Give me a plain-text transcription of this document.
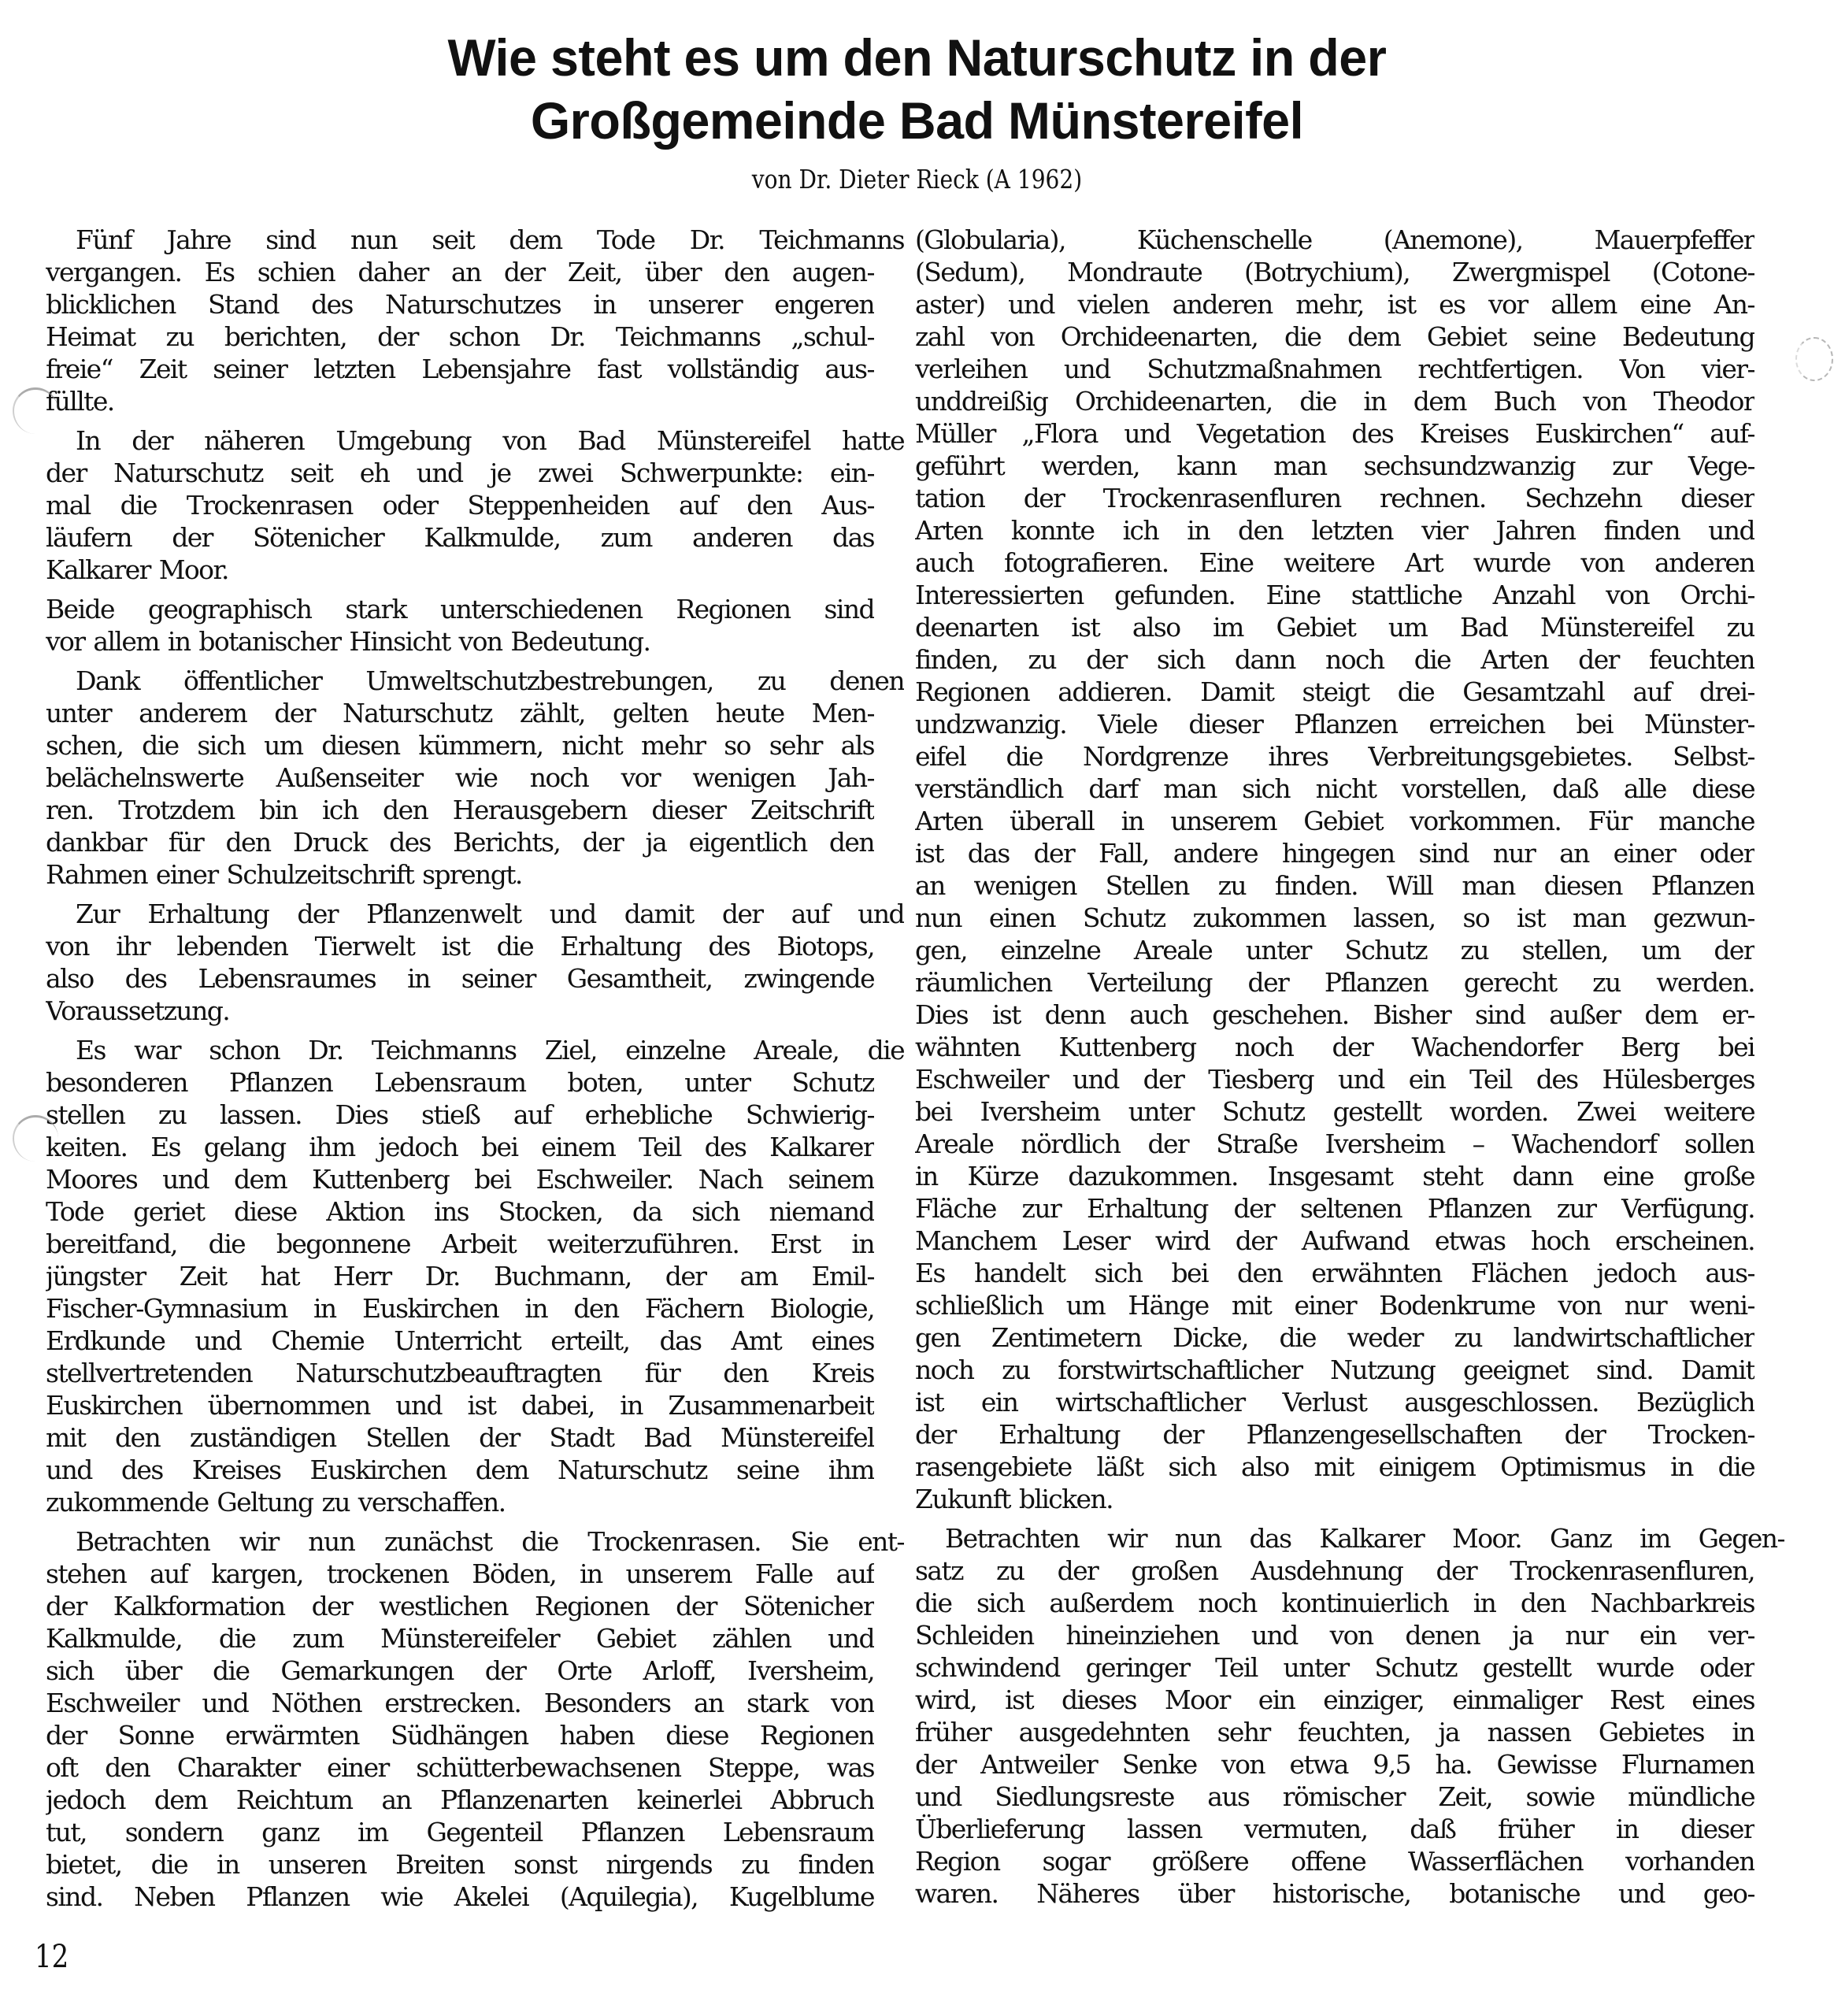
Wie steht es um den Naturschutz in der
Großgemeinde Bad Münstereifel
von Dr. Dieter Rieck (A 1962)
Fünf Jahre sind nun seit dem Tode Dr. Teichmanns
vergangen. Es schien daher an der Zeit, über den augen-
blicklichen Stand des Naturschutzes in unserer engeren
Heimat zu berichten, der schon Dr. Teichmanns „schul-
freie“ Zeit seiner letzten Lebensjahre fast vollständig aus-
füllte.
In der näheren Umgebung von Bad Münstereifel hatte
der Naturschutz seit eh und je zwei Schwerpunkte: ein-
mal die Trockenrasen oder Steppenheiden auf den Aus-
läufern der Sötenicher Kalkmulde, zum anderen das
Kalkarer Moor.
Beide geographisch stark unterschiedenen Regionen sind
vor allem in botanischer Hinsicht von Bedeutung.
Dank öffentlicher Umweltschutzbestrebungen, zu denen
unter anderem der Naturschutz zählt, gelten heute Men-
schen, die sich um diesen kümmern, nicht mehr so sehr als
belächelnswerte Außenseiter wie noch vor wenigen Jah-
ren. Trotzdem bin ich den Herausgebern dieser Zeitschrift
dankbar für den Druck des Berichts, der ja eigentlich den
Rahmen einer Schulzeitschrift sprengt.
Zur Erhaltung der Pflanzenwelt und damit der auf und
von ihr lebenden Tierwelt ist die Erhaltung des Biotops,
also des Lebensraumes in seiner Gesamtheit, zwingende
Voraussetzung.
Es war schon Dr. Teichmanns Ziel, einzelne Areale, die
besonderen Pflanzen Lebensraum boten, unter Schutz
stellen zu lassen. Dies stieß auf erhebliche Schwierig-
keiten. Es gelang ihm jedoch bei einem Teil des Kalkarer
Moores und dem Kuttenberg bei Eschweiler. Nach seinem
Tode geriet diese Aktion ins Stocken, da sich niemand
bereitfand, die begonnene Arbeit weiterzuführen. Erst in
jüngster Zeit hat Herr Dr. Buchmann, der am Emil-
Fischer-Gymnasium in Euskirchen in den Fächern Biologie,
Erdkunde und Chemie Unterricht erteilt, das Amt eines
stellvertretenden Naturschutzbeauftragten für den Kreis
Euskirchen übernommen und ist dabei, in Zusammenarbeit
mit den zuständigen Stellen der Stadt Bad Münstereifel
und des Kreises Euskirchen dem Naturschutz seine ihm
zukommende Geltung zu verschaffen.
Betrachten wir nun zunächst die Trockenrasen. Sie ent-
stehen auf kargen, trockenen Böden, in unserem Falle auf
der Kalkformation der westlichen Regionen der Sötenicher
Kalkmulde, die zum Münstereifeler Gebiet zählen und
sich über die Gemarkungen der Orte Arloff, Iversheim,
Eschweiler und Nöthen erstrecken. Besonders an stark von
der Sonne erwärmten Südhängen haben diese Regionen
oft den Charakter einer schütterbewachsenen Steppe, was
jedoch dem Reichtum an Pflanzenarten keinerlei Abbruch
tut, sondern ganz im Gegenteil Pflanzen Lebensraum
bietet, die in unseren Breiten sonst nirgends zu finden
sind. Neben Pflanzen wie Akelei (Aquilegia), Kugelblume
(Globularia), Küchenschelle (Anemone), Mauerpfeffer
(Sedum), Mondraute (Botrychium), Zwergmispel (Cotone-
aster) und vielen anderen mehr, ist es vor allem eine An-
zahl von Orchideenarten, die dem Gebiet seine Bedeutung
verleihen und Schutzmaßnahmen rechtfertigen. Von vier-
unddreißig Orchideenarten, die in dem Buch von Theodor
Müller „Flora und Vegetation des Kreises Euskirchen“ auf-
geführt werden, kann man sechsundzwanzig zur Vege-
tation der Trockenrasenfluren rechnen. Sechzehn dieser
Arten konnte ich in den letzten vier Jahren finden und
auch fotografieren. Eine weitere Art wurde von anderen
Interessierten gefunden. Eine stattliche Anzahl von Orchi-
deenarten ist also im Gebiet um Bad Münstereifel zu
finden, zu der sich dann noch die Arten der feuchten
Regionen addieren. Damit steigt die Gesamtzahl auf drei-
undzwanzig. Viele dieser Pflanzen erreichen bei Münster-
eifel die Nordgrenze ihres Verbreitungsgebietes. Selbst-
verständlich darf man sich nicht vorstellen, daß alle diese
Arten überall in unserem Gebiet vorkommen. Für manche
ist das der Fall, andere hingegen sind nur an einer oder
an wenigen Stellen zu finden. Will man diesen Pflanzen
nun einen Schutz zukommen lassen, so ist man gezwun-
gen, einzelne Areale unter Schutz zu stellen, um der
räumlichen Verteilung der Pflanzen gerecht zu werden.
Dies ist denn auch geschehen. Bisher sind außer dem er-
wähnten Kuttenberg noch der Wachendorfer Berg bei
Eschweiler und der Tiesberg und ein Teil des Hülesberges
bei Iversheim unter Schutz gestellt worden. Zwei weitere
Areale nördlich der Straße Iversheim – Wachendorf sollen
in Kürze dazukommen. Insgesamt steht dann eine große
Fläche zur Erhaltung der seltenen Pflanzen zur Verfügung.
Manchem Leser wird der Aufwand etwas hoch erscheinen.
Es handelt sich bei den erwähnten Flächen jedoch aus-
schließlich um Hänge mit einer Bodenkrume von nur weni-
gen Zentimetern Dicke, die weder zu landwirtschaftlicher
noch zu forstwirtschaftlicher Nutzung geeignet sind. Damit
ist ein wirtschaftlicher Verlust ausgeschlossen. Bezüglich
der Erhaltung der Pflanzengesellschaften der Trocken-
rasengebiete läßt sich also mit einigem Optimismus in die
Zukunft blicken.
Betrachten wir nun das Kalkarer Moor. Ganz im Gegen-
satz zu der großen Ausdehnung der Trockenrasenfluren,
die sich außerdem noch kontinuierlich in den Nachbarkreis
Schleiden hineinziehen und von denen ja nur ein ver-
schwindend geringer Teil unter Schutz gestellt wurde oder
wird, ist dieses Moor ein einziger, einmaliger Rest eines
früher ausgedehnten sehr feuchten, ja nassen Gebietes in
der Antweiler Senke von etwa 9,5 ha. Gewisse Flurnamen
und Siedlungsreste aus römischer Zeit, sowie mündliche
Überlieferung lassen vermuten, daß früher in dieser
Region sogar größere offene Wasserflächen vorhanden
waren. Näheres über historische, botanische und geo-
12
